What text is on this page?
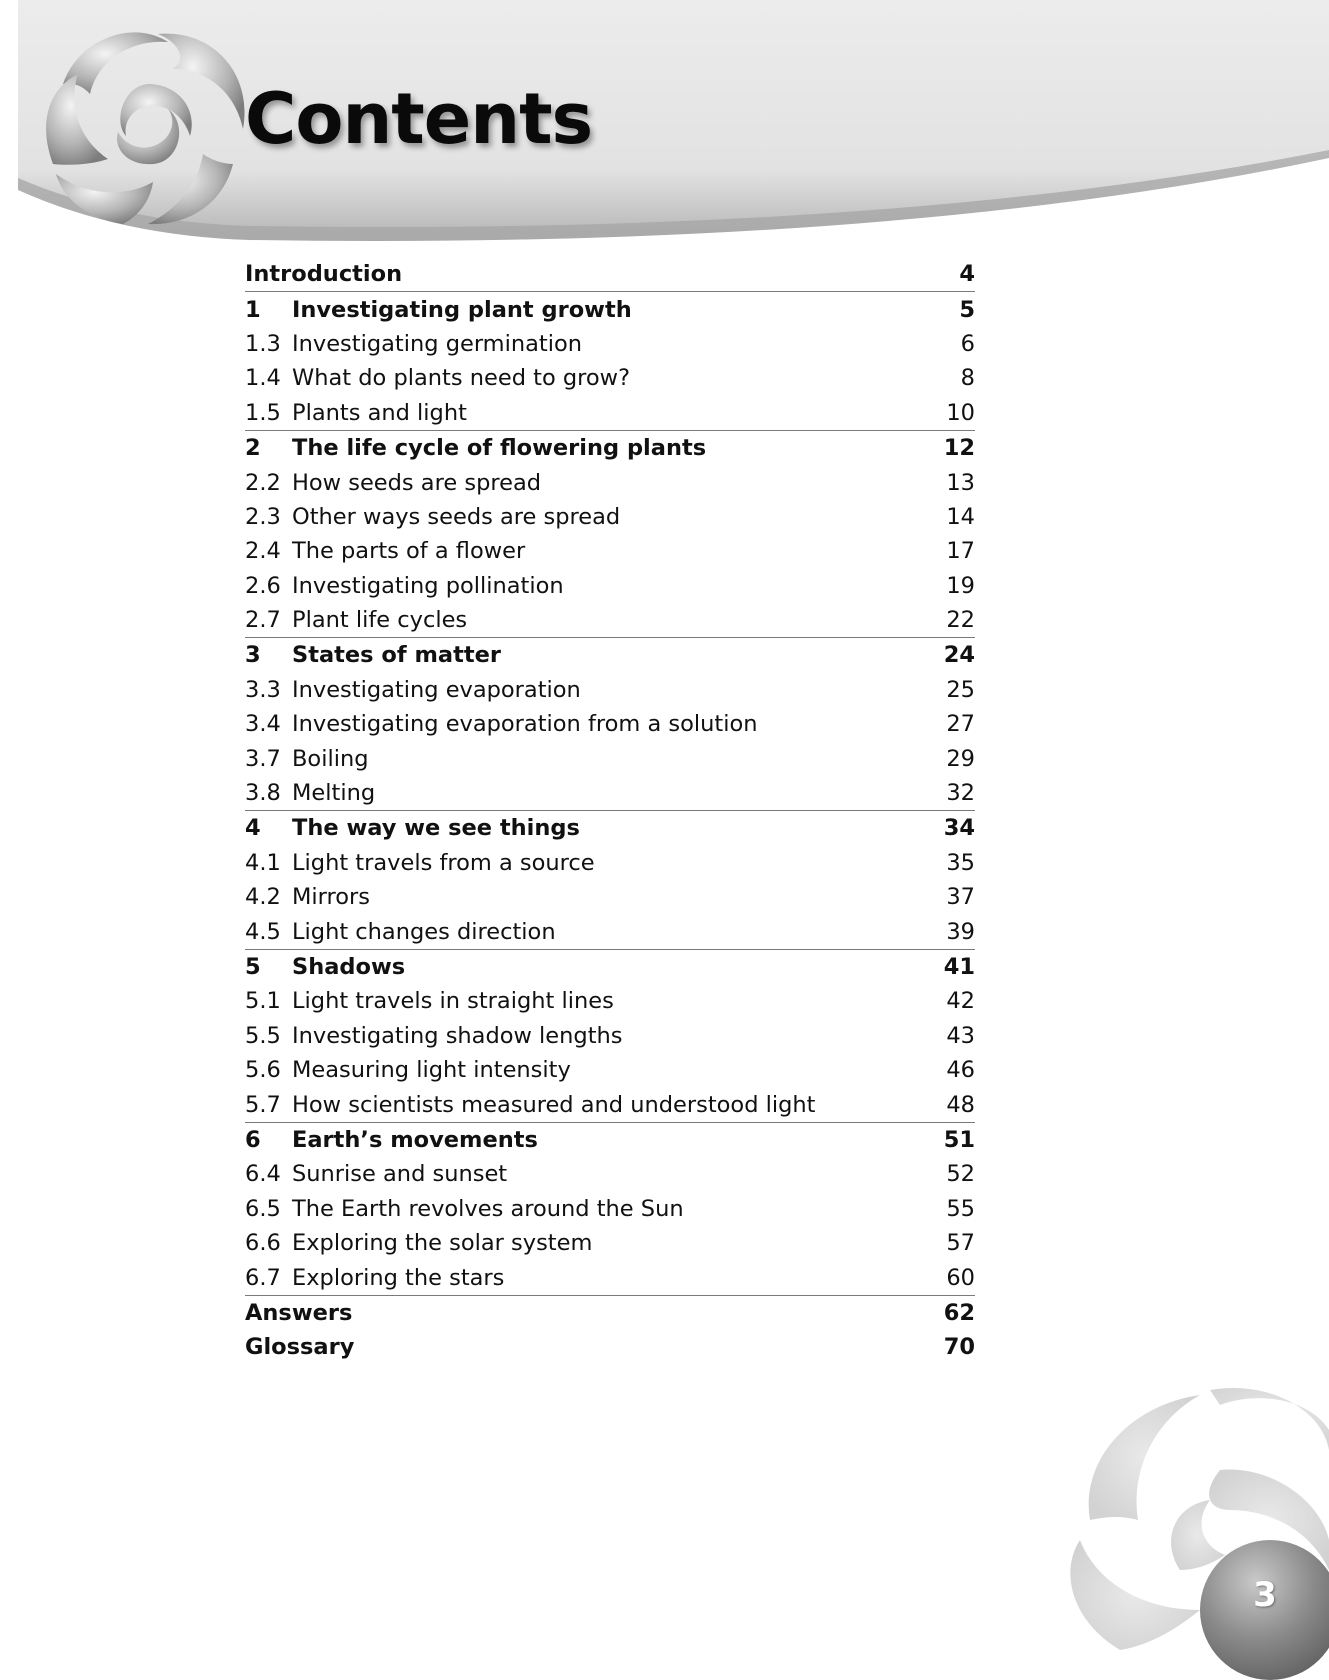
Contents
Introduction	4
1	Investigating plant growth	5
1.3 Investigating germination	6
1.4 What do plants need to grow?	8
1.5 Plants and light	10
2	The life cycle of flowering plants	12
2.2 How seeds are spread	13
2.3 Other ways seeds are spread	14
2.4 The parts of a flower	17
2.6 Investigating pollination	19
2.7 Plant life cycles	22
3	States of matter	24
3.3 Investigating evaporation	25
3.4 Investigating evaporation from a solution	27
3.7 Boiling	29
3.8 Melting	32
4	The way we see things	34
4.1 Light travels from a source	35
4.2 Mirrors	37
4.5 Light changes direction	39
5	Shadows	41
5.1 Light travels in straight lines	42
5.5 Investigating shadow lengths	43
5.6 Measuring light intensity	46
5.7 How scientists measured and understood light	48
6	Earth’s movements	51
6.4 Sunrise and sunset	52
6.5 The Earth revolves around the Sun	55
6.6 Exploring the solar system	57
6.7 Exploring the stars	60
Answers	62
Glossary	70
3
